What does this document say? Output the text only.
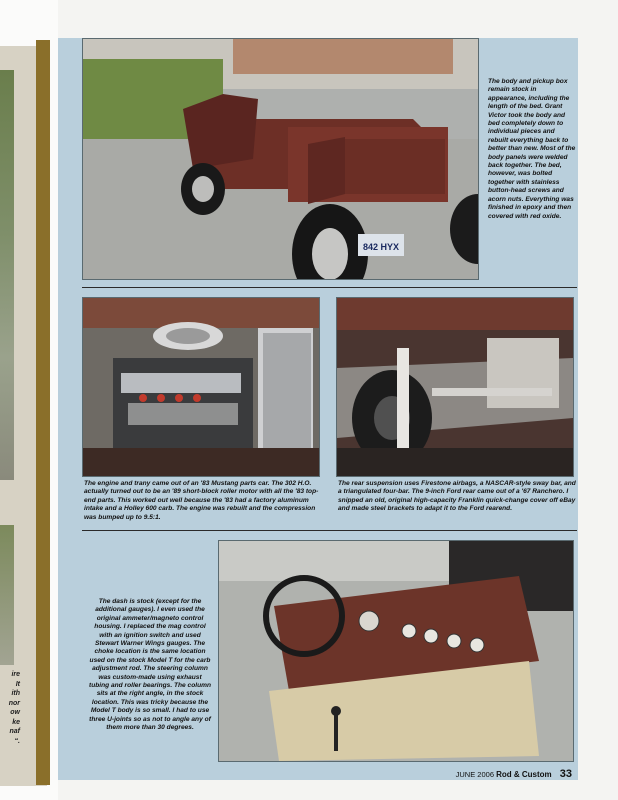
ire
It
ith
nor
ow
ke
naf
“.
842 HYX

The body and pickup box remain stock in appearance, including the length of the bed. Grant Victor took the body and bed completely down to individual pieces and rebuilt everything back to better than new. Most of the body panels were welded back together. The bed, however, was bolted together with stainless button-head screws and acorn nuts. Everything was finished in epoxy and then covered with red oxide.

The engine and trany came out of an '83 Mustang parts car. The 302 H.O. actually turned out to be an '89 short-block roller motor with all the '83 top-end parts. This worked out well because the '83 had a factory aluminum intake and a Holley 600 carb. The engine was rebuilt and the compression was bumped up to 9.5:1.

The rear suspension uses Firestone airbags, a NASCAR-style sway bar, and a triangulated four-bar. The 9-inch Ford rear came out of a '67 Ranchero. I snipped an old, original high-capacity Franklin quick-change cover off eBay and made steel brackets to adapt it to the Ford rearend.

The dash is stock (except for the additional gauges). I even used the original ammeter/magneto control housing. I replaced the mag control with an ignition switch and used Stewart Warner Wings gauges. The choke location is the same location used on the stock Model T for the carb adjustment rod. The steering column was custom-made using exhaust tubing and roller bearings. The column sits at the right angle, in the stock location. This was tricky because the Model T body is so small. I had to use three U-joints so as not to angle any of them more than 30 degrees.

JUNE 2006 Rod & Custom 33
